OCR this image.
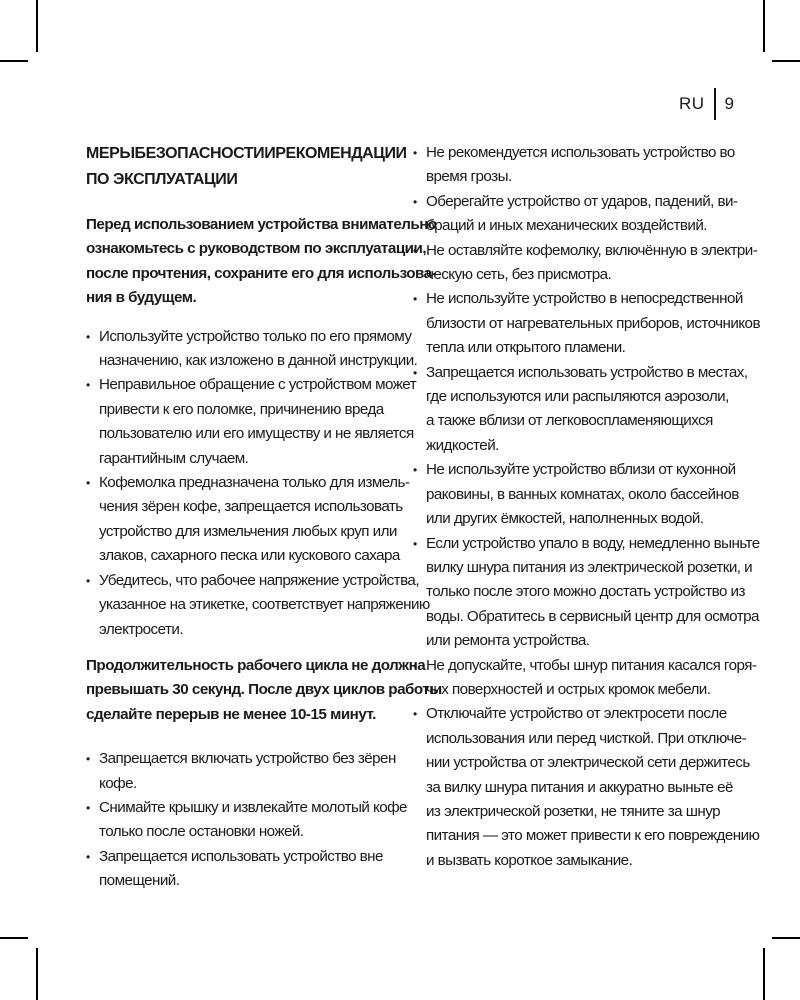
RU 9
МЕРЫБЕЗОПАСНОСТИИРЕКОМЕНДАЦИИ
ПО ЭКСПЛУАТАЦИИ
Перед использованием устройства внимательно
ознакомьтесь с руководством по эксплуатации,
после прочтения, сохраните его для использова-
ния в будущем.
• Используйте устройство только по его прямому
назначению, как изложено в данной инструкции.
• Неправильное обращение с устройством может
привести к его поломке, причинению вреда
пользователю или его имуществу и не является
гарантийным случаем.
• Кофемолка предназначена только для измель-
чения зёрен кофе, запрещается использовать
устройство для измельчения любых круп или
злаков, сахарного песка или кускового сахара
• Убедитесь, что рабочее напряжение устройства,
указанное на этикетке, соответствует напряжению
электросети.
Продолжительность рабочего цикла не должна
превышать 30 секунд. После двух циклов работы
сделайте перерыв не менее 10-15 минут.
• Запрещается включать устройство без зёрен
кофе.
• Снимайте крышку и извлекайте молотый кофе
только после остановки ножей.
• Запрещается использовать устройство вне
помещений.
• Не рекомендуется использовать устройство во
время грозы.
• Оберегайте устройство от ударов, падений, ви-
браций и иных механических воздействий.
• Не оставляйте кофемолку, включённую в электри-
ческую сеть, без присмотра.
• Не используйте устройство в непосредственной
близости от нагревательных приборов, источников
тепла или открытого пламени.
• Запрещается использовать устройство в местах,
где используются или распыляются аэрозоли,
а также вблизи от легковоспламеняющихся
жидкостей.
• Не используйте устройство вблизи от кухонной
раковины, в ванных комнатах, около бассейнов
или других ёмкостей, наполненных водой.
• Если устройство упало в воду, немедленно выньте
вилку шнура питания из электрической розетки, и
только после этого можно достать устройство из
воды. Обратитесь в сервисный центр для осмотра
или ремонта устройства.
• Не допускайте, чтобы шнур питания касался горя-
чих поверхностей и острых кромок мебели.
• Отключайте устройство от электросети после
использования или перед чисткой. При отключе-
нии устройства от электрической сети держитесь
за вилку шнура питания и аккуратно выньте её
из электрической розетки, не тяните за шнур
питания — это может привести к его повреждению
и вызвать короткое замыкание.
